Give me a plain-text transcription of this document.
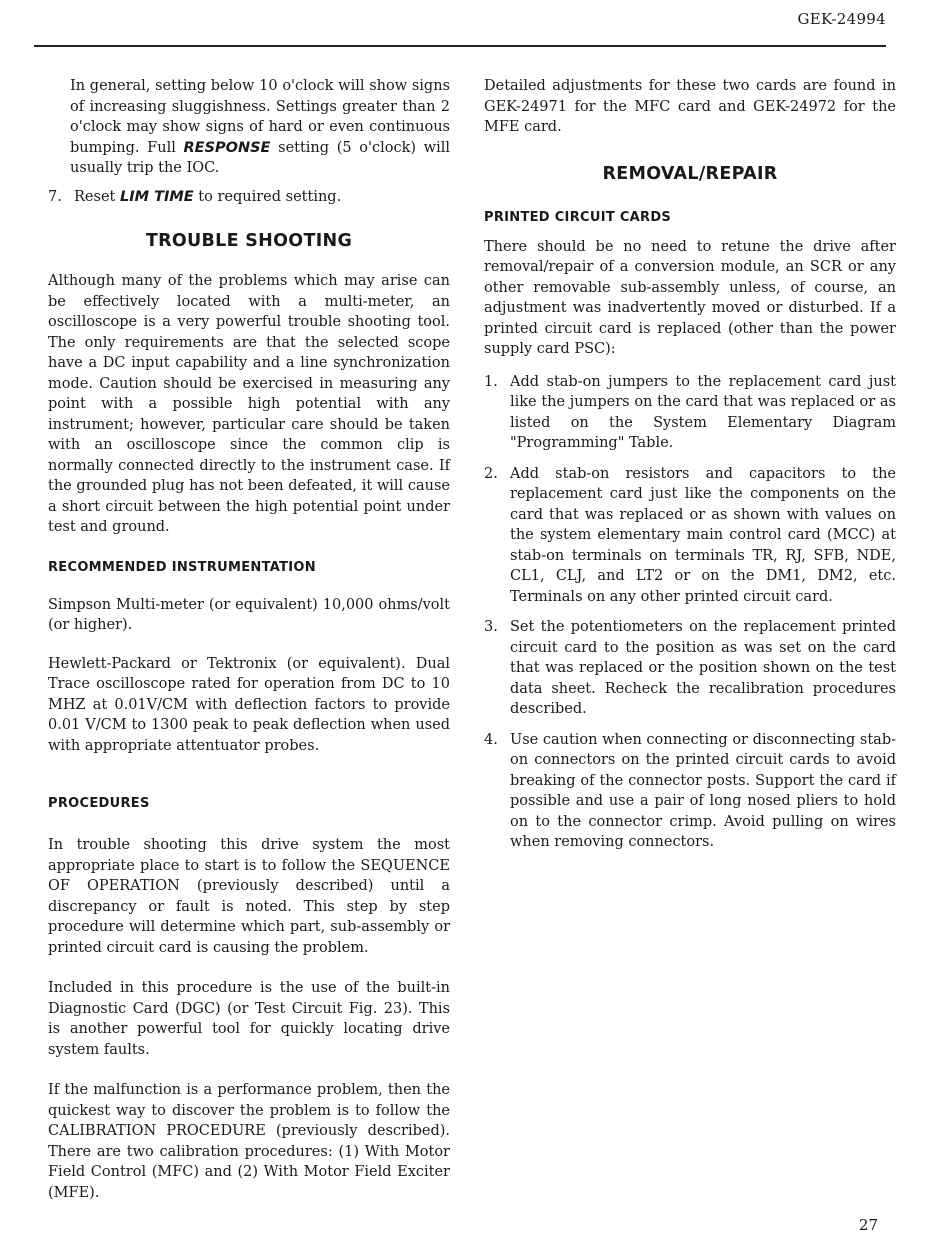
GEK-24994

In general, setting below 10 o'clock will show signs of increasing sluggishness. Settings greater than 2 o'clock may show signs of hard or even continuous bumping. Full RESPONSE setting (5 o'clock) will usually trip the IOC.

7. Reset LIM TIME to required setting.

TROUBLE SHOOTING

Although many of the problems which may arise can be effectively located with a multi-meter, an oscilloscope is a very powerful trouble shooting tool. The only requirements are that the selected scope have a DC input capability and a line synchronization mode. Caution should be exercised in measuring any point with a possible high potential with any instrument; however, particular care should be taken with an oscilloscope since the common clip is normally connected directly to the instrument case. If the grounded plug has not been defeated, it will cause a short circuit between the high potential point under test and ground.

RECOMMENDED INSTRUMENTATION

Simpson Multi-meter (or equivalent) 10,000 ohms/volt (or higher).

Hewlett-Packard or Tektronix (or equivalent). Dual Trace oscilloscope rated for operation from DC to 10 MHZ at 0.01V/CM with deflection factors to provide 0.01 V/CM to 1300 peak to peak deflection when used with appropriate attentuator probes.

PROCEDURES

In trouble shooting this drive system the most appropriate place to start is to follow the SEQUENCE OF OPERATION (previously described) until a discrepancy or fault is noted. This step by step procedure will determine which part, sub-assembly or printed circuit card is causing the problem.

Included in this procedure is the use of the built-in Diagnostic Card (DGC) (or Test Circuit Fig. 23). This is another powerful tool for quickly locating drive system faults.

If the malfunction is a performance problem, then the quickest way to discover the problem is to follow the CALIBRATION PROCEDURE (previously described). There are two calibration procedures: (1) With Motor Field Control (MFC) and (2) With Motor Field Exciter (MFE).

Detailed adjustments for these two cards are found in GEK-24971 for the MFC card and GEK-24972 for the MFE card.

REMOVAL/REPAIR
PRINTED CIRCUIT CARDS

There should be no need to retune the drive after removal/repair of a conversion module, an SCR or any other removable sub-assembly unless, of course, an adjustment was inadvertently moved or disturbed. If a printed circuit card is replaced (other than the power supply card PSC):

1. Add stab-on jumpers to the replacement card just like the jumpers on the card that was replaced or as listed on the System Elementary Diagram "Programming" Table.

2. Add stab-on resistors and capacitors to the replacement card just like the components on the card that was replaced or as shown with values on the system elementary main control card (MCC) at stab-on terminals on terminals TR, RJ, SFB, NDE, CL1, CLJ, and LT2 or on the DM1, DM2, etc. Terminals on any other printed circuit card.

3. Set the potentiometers on the replacement printed circuit card to the position as was set on the card that was replaced or the position shown on the test data sheet. Recheck the recalibration procedures described.

4. Use caution when connecting or disconnecting stab-on connectors on the printed circuit cards to avoid breaking of the connector posts. Support the card if possible and use a pair of long nosed pliers to hold on to the connector crimp. Avoid pulling on wires when removing connectors.

27
